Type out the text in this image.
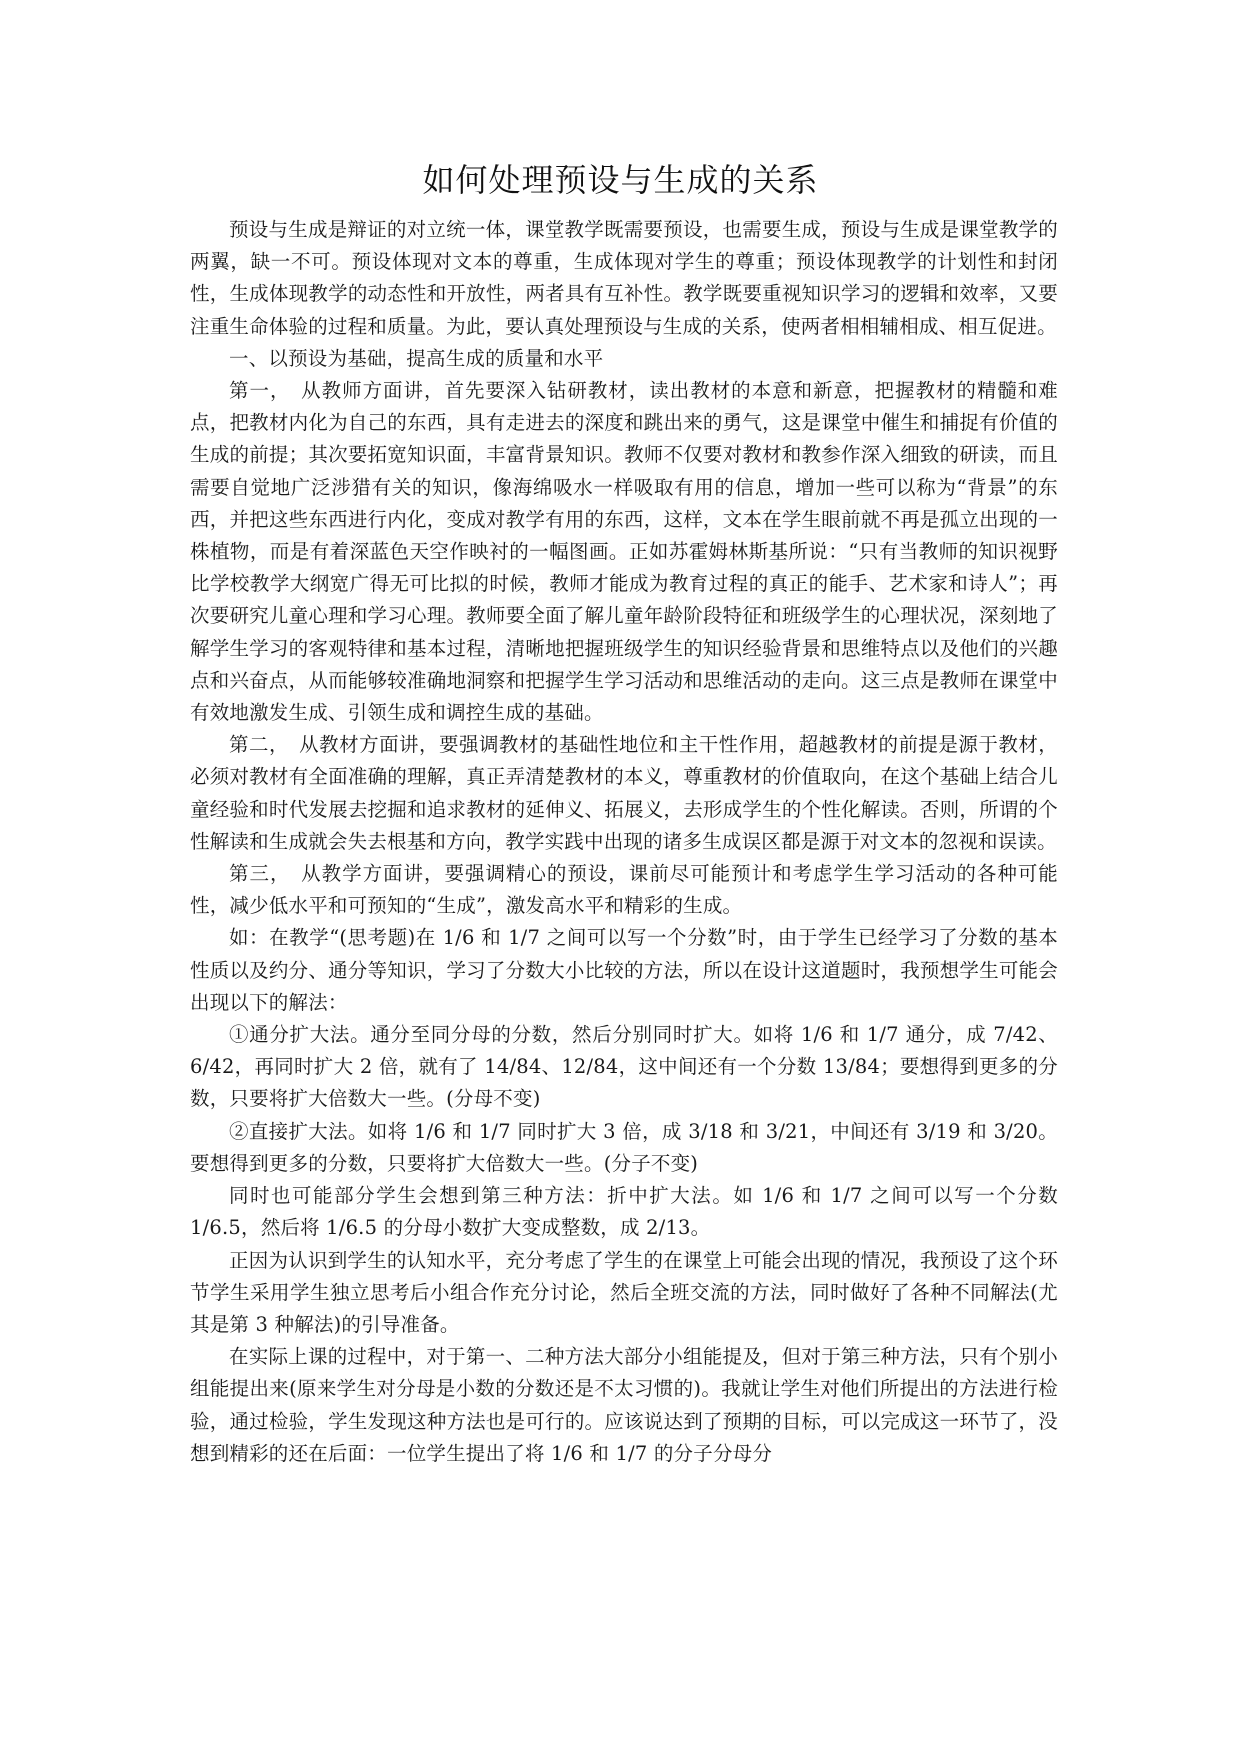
如何处理预设与生成的关系

预设与生成是辩证的对立统一体，课堂教学既需要预设，也需要生成，预设与生成是课堂教学的两翼，缺一不可。预设体现对文本的尊重，生成体现对学生的尊重；预设体现教学的计划性和封闭性，生成体现教学的动态性和开放性，两者具有互补性。教学既要重视知识学习的逻辑和效率，又要注重生命体验的过程和质量。为此，要认真处理预设与生成的关系，使两者相相辅相成、相互促进。

一、以预设为基础，提高生成的质量和水平

第一，　从教师方面讲，首先要深入钻研教材，读出教材的本意和新意，把握教材的精髓和难点，把教材内化为自己的东西，具有走进去的深度和跳出来的勇气，这是课堂中催生和捕捉有价值的生成的前提；其次要拓宽知识面，丰富背景知识。教师不仅要对教材和教参作深入细致的研读，而且需要自觉地广泛涉猎有关的知识，像海绵吸水一样吸取有用的信息，增加一些可以称为“背景”的东西，并把这些东西进行内化，变成对教学有用的东西，这样，文本在学生眼前就不再是孤立出现的一株植物，而是有着深蓝色天空作映衬的一幅图画。正如苏霍姆林斯基所说：“只有当教师的知识视野比学校教学大纲宽广得无可比拟的时候，教师才能成为教育过程的真正的能手、艺术家和诗人”；再次要研究儿童心理和学习心理。教师要全面了解儿童年龄阶段特征和班级学生的心理状况，深刻地了解学生学习的客观特律和基本过程，清晰地把握班级学生的知识经验背景和思维特点以及他们的兴趣点和兴奋点，从而能够较准确地洞察和把握学生学习活动和思维活动的走向。这三点是教师在课堂中有效地激发生成、引领生成和调控生成的基础。

第二，　从教材方面讲，要强调教材的基础性地位和主干性作用，超越教材的前提是源于教材，必须对教材有全面准确的理解，真正弄清楚教材的本义，尊重教材的价值取向，在这个基础上结合儿童经验和时代发展去挖掘和追求教材的延伸义、拓展义，去形成学生的个性化解读。否则，所谓的个性解读和生成就会失去根基和方向，教学实践中出现的诸多生成误区都是源于对文本的忽视和误读。

第三，　从教学方面讲，要强调精心的预设，课前尽可能预计和考虑学生学习活动的各种可能性，减少低水平和可预知的“生成”，激发高水平和精彩的生成。

如：在教学“(思考题)在 1/6 和 1/7 之间可以写一个分数”时，由于学生已经学习了分数的基本性质以及约分、通分等知识，学习了分数大小比较的方法，所以在设计这道题时，我预想学生可能会出现以下的解法：

①通分扩大法。通分至同分母的分数，然后分别同时扩大。如将 1/6 和 1/7 通分，成 7/42、6/42，再同时扩大 2 倍，就有了 14/84、12/84，这中间还有一个分数 13/84；要想得到更多的分数，只要将扩大倍数大一些。(分母不变)

②直接扩大法。如将 1/6 和 1/7 同时扩大 3 倍，成 3/18 和 3/21，中间还有 3/19 和 3/20。要想得到更多的分数，只要将扩大倍数大一些。(分子不变)

同时也可能部分学生会想到第三种方法：折中扩大法。如 1/6 和 1/7 之间可以写一个分数 1/6.5，然后将 1/6.5 的分母小数扩大变成整数，成 2/13。

正因为认识到学生的认知水平，充分考虑了学生的在课堂上可能会出现的情况，我预设了这个环节学生采用学生独立思考后小组合作充分讨论，然后全班交流的方法，同时做好了各种不同解法(尤其是第 3 种解法)的引导准备。

在实际上课的过程中，对于第一、二种方法大部分小组能提及，但对于第三种方法，只有个别小组能提出来(原来学生对分母是小数的分数还是不太习惯的)。我就让学生对他们所提出的方法进行检验，通过检验，学生发现这种方法也是可行的。应该说达到了预期的目标，可以完成这一环节了，没想到精彩的还在后面：一位学生提出了将 1/6 和 1/7 的分子分母分
